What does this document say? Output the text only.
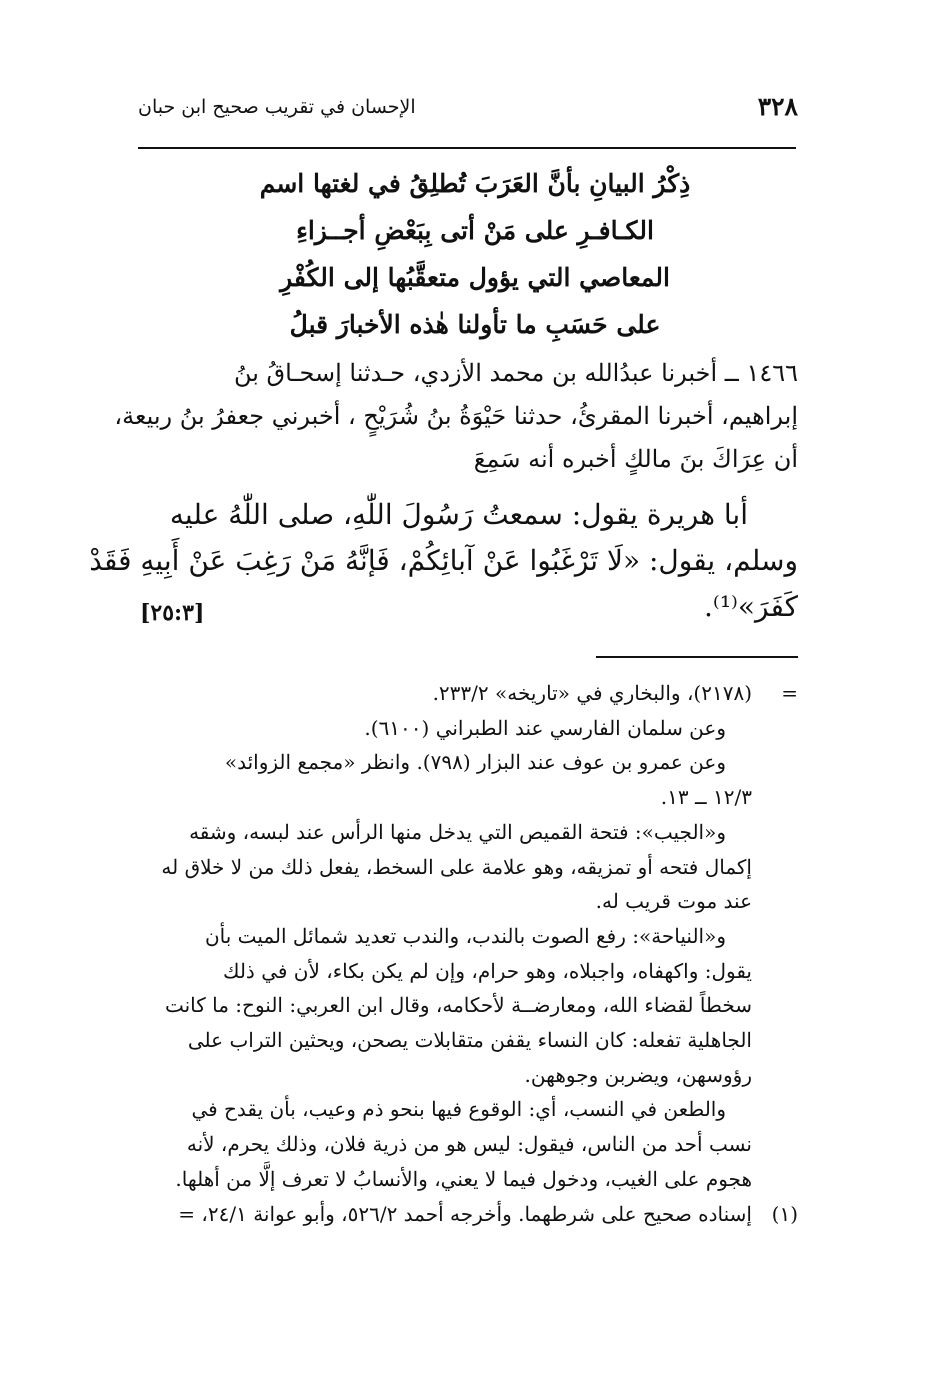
٣٢٨
الإحسان في تقريب صحيح ابن حبان
ذِكْرُ البيانِ بأنَّ العَرَبَ تُطلِقُ في لغتها اسم
الكـافـرِ على مَنْ أتى بِبَعْضِ أجــزاءِ
المعاصي التي يؤول متعقَّبُها إلى الكُفْرِ
على حَسَبِ ما تأولنا هٰذه الأخبارَ قبلُ
١٤٦٦ ــ أخبرنا عبدُالله بن محمد الأزدي، حـدثنا إسحـاقُ بنُ
إبراهيم، أخبرنا المقرئُ، حدثنا حَيْوَةُ بنُ شُرَيْحٍ ، أخبرني جعفرُ بنُ ربيعة،
أن عِرَاكَ بنَ مالكٍ أخبره أنه سَمِعَ
أبا هريرة يقول: سمعتُ رَسُولَ اللّٰهِ، صلى اللّٰهُ عليه
وسلم، يقول: «لَا تَرْغَبُوا عَنْ آبائِكُمْ، فَإنَّهُ مَنْ رَغِبَ عَنْ أَبِيهِ فَقَدْ
كَفَرَ»⁽¹⁾.
[٢٥:٣]
=(٢١٧٨)، والبخاري في «تاريخه» ٢٣٣/٢.
وعن سلمان الفارسي عند الطبراني (٦١٠٠).
وعن عمرو بن عوف عند البزار (٧٩٨). وانظر «مجمع الزوائد»
١٢/٣ ــ ١٣.
و«الجيب»: فتحة القميص التي يدخل منها الرأس عند لبسه، وشقه
إكمال فتحه أو تمزيقه، وهو علامة على السخط، يفعل ذلك من لا خلاق له
عند موت قريب له.
و«النياحة»: رفع الصوت بالندب، والندب تعديد شمائل الميت بأن
يقول: واكهفاه، واجبلاه، وهو حرام، وإن لم يكن بكاء، لأن في ذلك
سخطاً لقضاء الله، ومعارضــة لأحكامه، وقال ابن العربي: النوح: ما كانت
الجاهلية تفعله: كان النساء يقفن متقابلات يصحن، ويحثين التراب على
رؤوسهن، ويضربن وجوههن.
والطعن في النسب، أي: الوقوع فيها بنحو ذم وعيب، بأن يقدح في
نسب أحد من الناس، فيقول: ليس هو من ذرية فلان، وذلك يحرم، لأنه
هجوم على الغيب، ودخول فيما لا يعني، والأنسابُ لا تعرف إلَّا من أهلها.
(١)إسناده صحيح على شرطهما. وأخرجه أحمد ٥٢٦/٢، وأبو عوانة ٢٤/١، =
